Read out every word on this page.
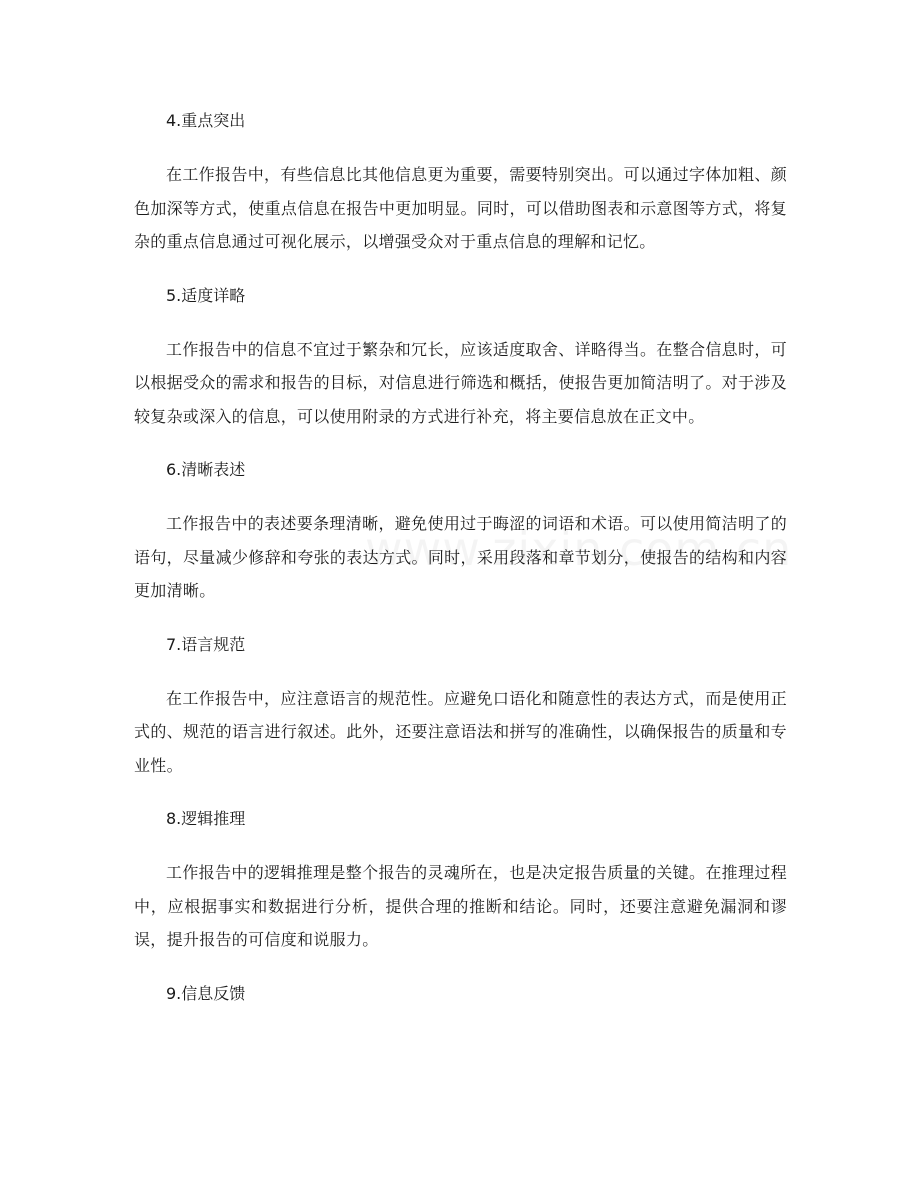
4.重点突出

在工作报告中，有些信息比其他信息更为重要，需要特别突出。可以通过字体加粗、颜色加深等方式，使重点信息在报告中更加明显。同时，可以借助图表和示意图等方式，将复杂的重点信息通过可视化展示，以增强受众对于重点信息的理解和记忆。

5.适度详略

工作报告中的信息不宜过于繁杂和冗长，应该适度取舍、详略得当。在整合信息时，可以根据受众的需求和报告的目标，对信息进行筛选和概括，使报告更加简洁明了。对于涉及较复杂或深入的信息，可以使用附录的方式进行补充，将主要信息放在正文中。

6.清晰表述

工作报告中的表述要条理清晰，避免使用过于晦涩的词语和术语。可以使用简洁明了的语句，尽量减少修辞和夸张的表达方式。同时，采用段落和章节划分，使报告的结构和内容更加清晰。

7.语言规范

在工作报告中，应注意语言的规范性。应避免口语化和随意性的表达方式，而是使用正式的、规范的语言进行叙述。此外，还要注意语法和拼写的准确性，以确保报告的质量和专业性。

8.逻辑推理

工作报告中的逻辑推理是整个报告的灵魂所在，也是决定报告质量的关键。在推理过程中，应根据事实和数据进行分析，提供合理的推断和结论。同时，还要注意避免漏洞和谬误，提升报告的可信度和说服力。

9.信息反馈
